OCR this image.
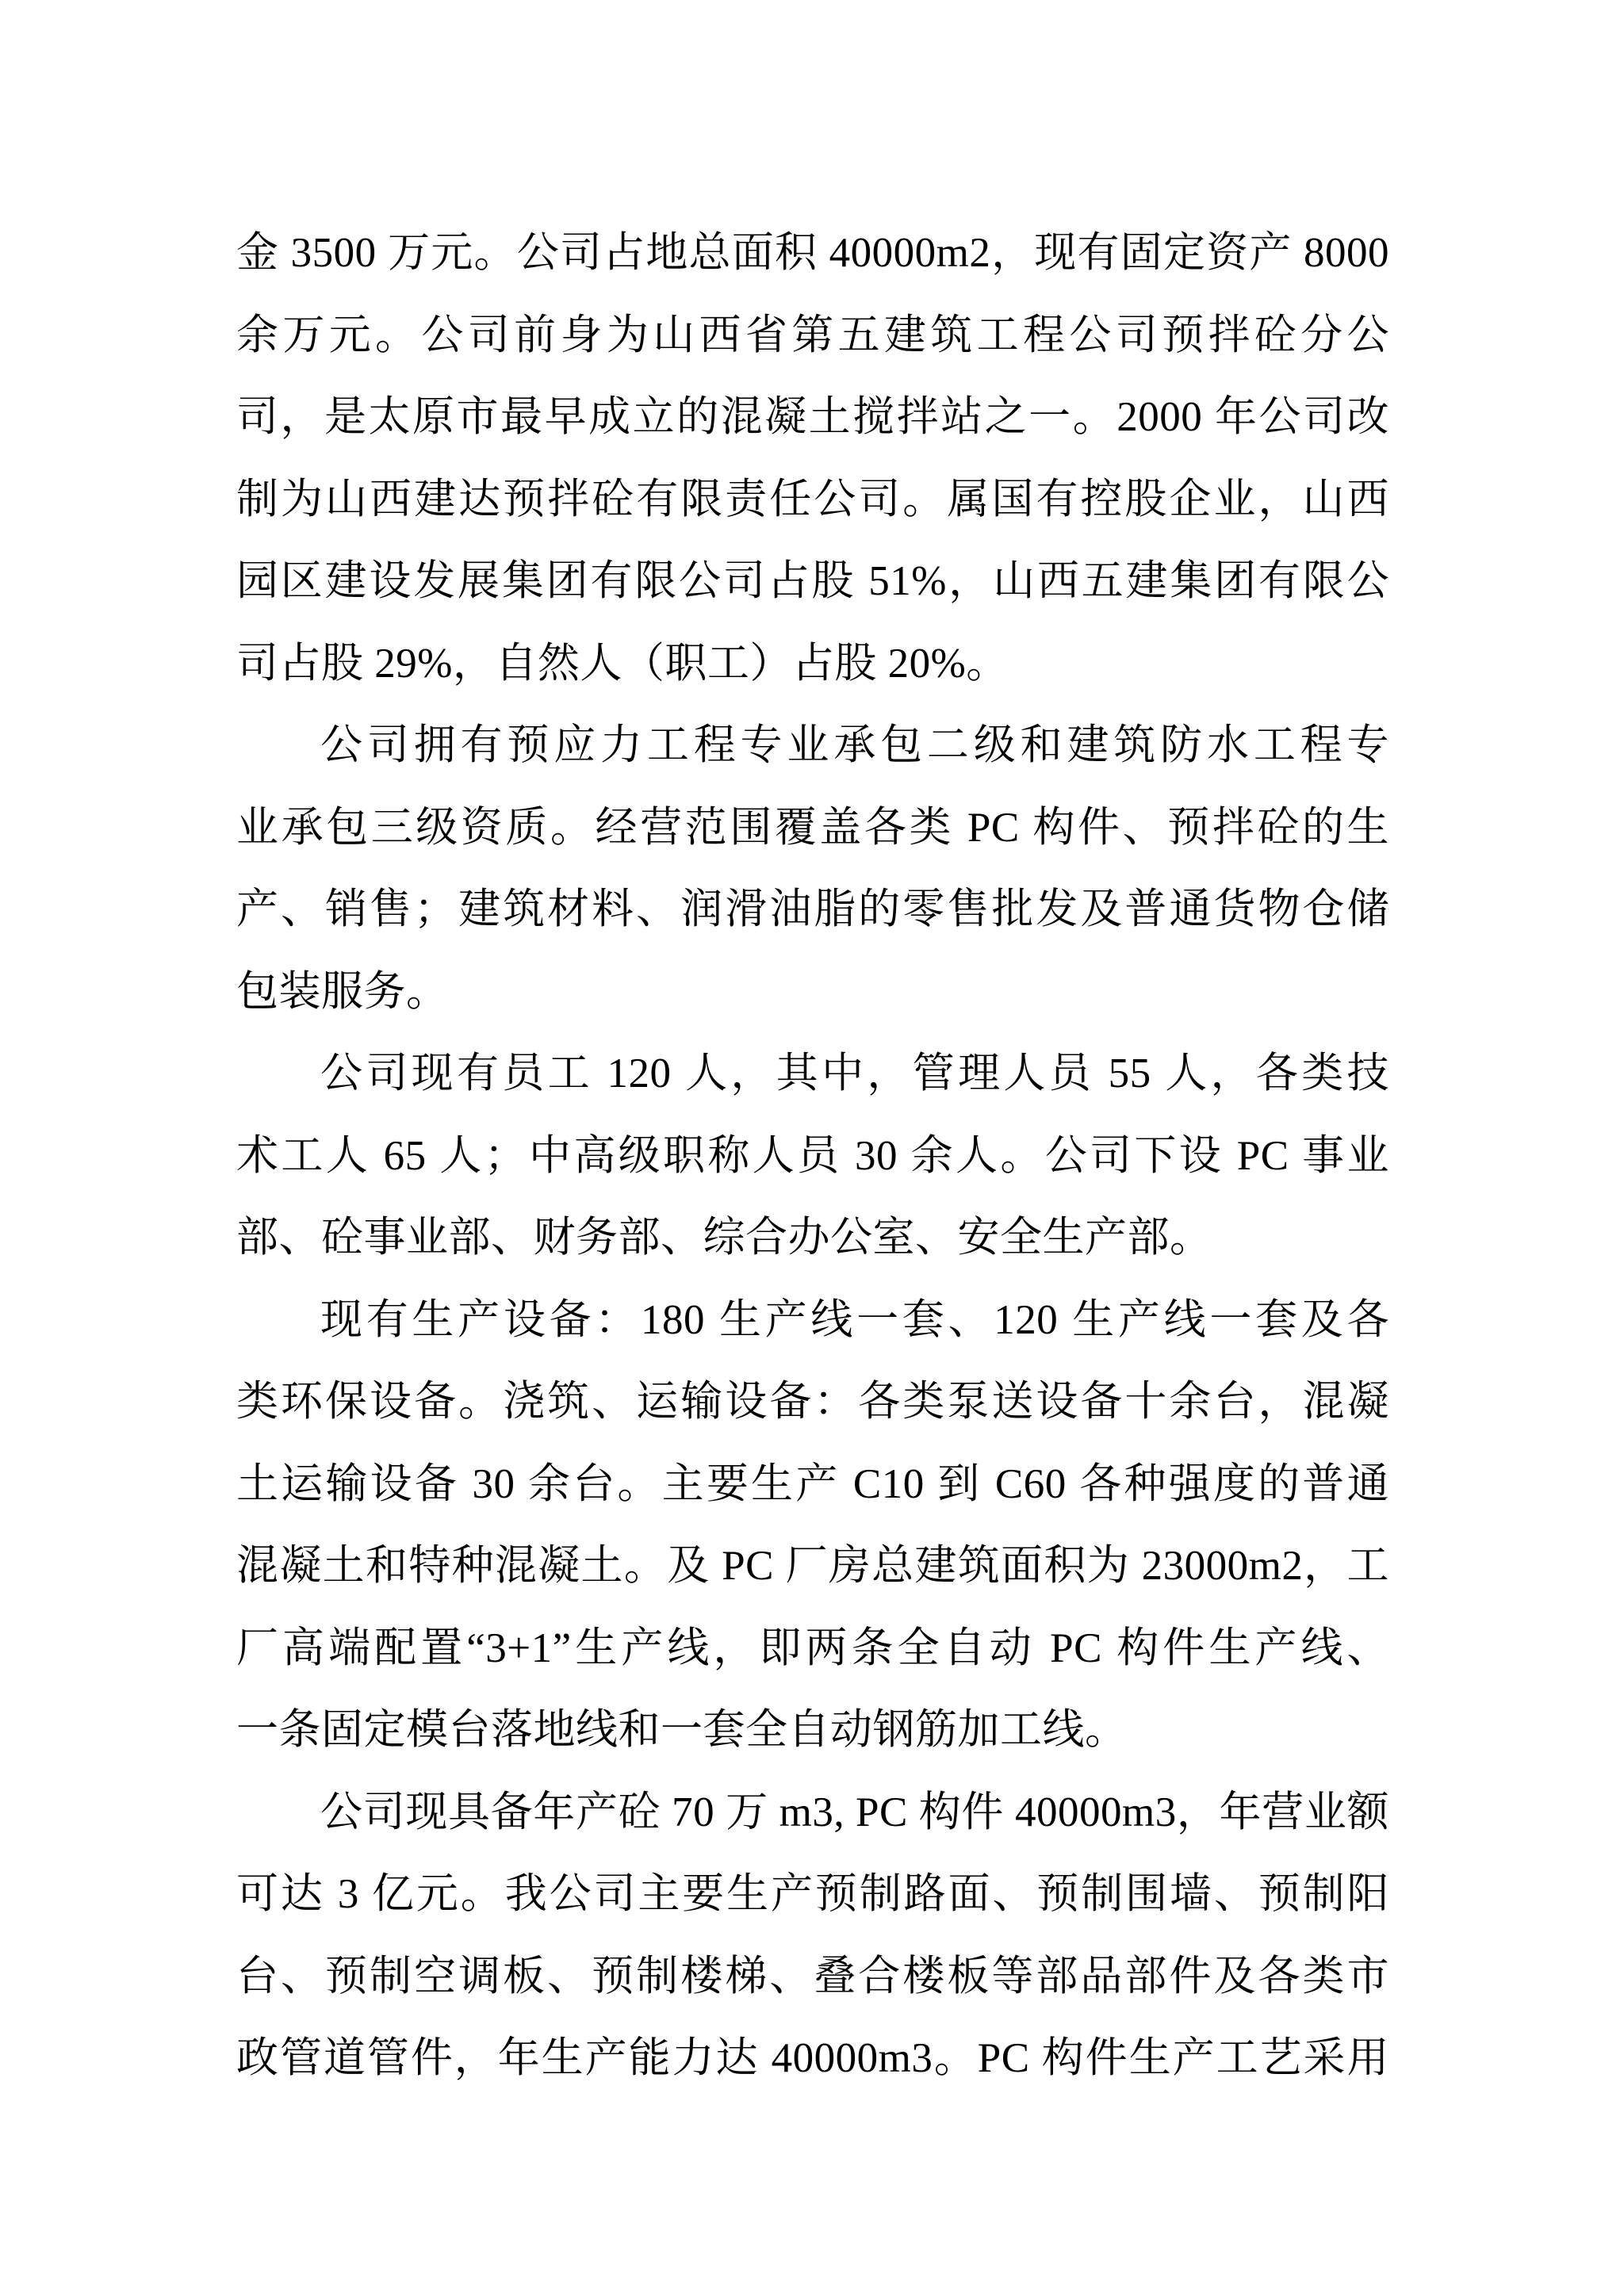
金 3500 万元。公司占地总面积 40000m2，现有固定资产 8000
余万元。公司前身为山西省第五建筑工程公司预拌砼分公
司，是太原市最早成立的混凝土搅拌站之一。2000 年公司改
制为山西建达预拌砼有限责任公司。属国有控股企业，山西
园区建设发展集团有限公司占股 51%，山西五建集团有限公
司占股 29%，自然人（职工）占股 20%。
公司拥有预应力工程专业承包二级和建筑防水工程专
业承包三级资质。经营范围覆盖各类 PC 构件、预拌砼的生
产、销售；建筑材料、润滑油脂的零售批发及普通货物仓储
包装服务。
公司现有员工 120 人，其中，管理人员 55 人，各类技
术工人 65 人；中高级职称人员 30 余人。公司下设 PC 事业
部、砼事业部、财务部、综合办公室、安全生产部。
现有生产设备：180 生产线一套、120 生产线一套及各
类环保设备。浇筑、运输设备：各类泵送设备十余台，混凝
土运输设备 30 余台。主要生产 C10 到 C60 各种强度的普通
混凝土和特种混凝土。及 PC 厂房总建筑面积为 23000m2，工
厂高端配置“3+1”生产线，即两条全自动 PC 构件生产线、
一条固定模台落地线和一套全自动钢筋加工线。
公司现具备年产砼 70 万 m3, PC 构件 40000m3，年营业额
可达 3 亿元。我公司主要生产预制路面、预制围墙、预制阳
台、预制空调板、预制楼梯、叠合楼板等部品部件及各类市
政管道管件，年生产能力达 40000m3。PC 构件生产工艺采用
